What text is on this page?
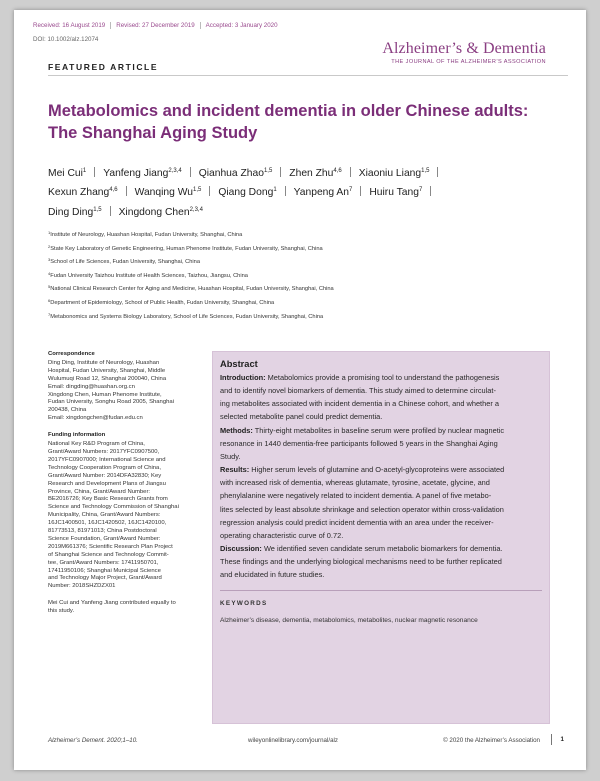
Received: 16 August 2019 Revised: 27 December 2019 Accepted: 3 January 2020
DOI: 10.1002/alz.12074
Alzheimer’s & Dementia
THE JOURNAL OF THE ALZHEIMER’S ASSOCIATION
FEATURED ARTICLE
Metabolomics and incident dementia in older Chinese adults: The Shanghai Aging Study
Mei Cui$^1$ Yanfeng Jiang$^{2,3,4}$ Qianhua Zhao$^{1,5}$ Zhen Zhu$^{4,6}$ Xiaoniu Liang$^{1,5}$
Kexun Zhang$^{4,6}$ Wanqing Wu$^{1,5}$ Qiang Dong$^1$ Yanpeng An$^7$ Huiru Tang$^7$
Ding Ding$^{1,5}$ Xingdong Chen$^{2,3,4}$
$^1$Institute of Neurology, Huashan Hospital, Fudan University, Shanghai, China
$^2$State Key Laboratory of Genetic Engineering, Human Phenome Institute, Fudan University, Shanghai, China
$^3$School of Life Sciences, Fudan University, Shanghai, China
$^4$Fudan University Taizhou Institute of Health Sciences, Taizhou, Jiangsu, China
$^5$National Clinical Research Center for Aging and Medicine, Huashan Hospital, Fudan University, Shanghai, China
$^6$Department of Epidemiology, School of Public Health, Fudan University, Shanghai, China
$^7$Metabonomics and Systems Biology Laboratory, School of Life Sciences, Fudan University, Shanghai, China
Correspondence
Ding Ding, Institute of Neurology, Huashan
Hospital, Fudan University, Shanghai, Middle
Wulumuqi Road 12, Shanghai 200040, China
Email: dingding@huashan.org.cn
Xingdong Chen, Human Phenome Institute,
Fudan University, Songhu Road 2005, Shanghai
200438, China
Email: xingdongchen@fudan.edu.cn
Funding information
National Key R&D Program of China,
Grant/Award Numbers: 2017YFC0907500,
2017YFC0907000; International Science and
Technology Cooperation Program of China,
Grant/Award Number: 2014DFA32830; Key
Research and Development Plans of Jiangsu
Province, China, Grant/Award Number:
BE2016726; Key Basic Research Grants from
Science and Technology Commission of Shanghai
Municipality, China, Grant/Award Numbers:
16JC1400501, 16JC1420502, 16JC1420100,
81773513, 81971013; China Postdoctoral
Science Foundation, Grant/Award Number:
2019M661376; Scientific Research Plan Project
of Shanghai Science and Technology Commit-
tee, Grant/Award Numbers: 17411950701,
17411950106; Shanghai Municipal Science
and Technology Major Project, Grant/Award
Number: 2018SHZDZX01
Mei Cui and Yanfeng Jiang contributed equally to
this study.
Abstract
Introduction: Metabolomics provide a promising tool to understand the pathogenesis
and to identify novel biomarkers of dementia. This study aimed to determine circulat-
ing metabolites associated with incident dementia in a Chinese cohort, and whether a
selected metabolite panel could predict dementia.
Methods: Thirty-eight metabolites in baseline serum were profiled by nuclear magnetic
resonance in 1440 dementia-free participants followed 5 years in the Shanghai Aging
Study.
Results: Higher serum levels of glutamine and O-acetyl-glycoproteins were associated
with increased risk of dementia, whereas glutamate, tyrosine, acetate, glycine, and
phenylalanine were negatively related to incident dementia. A panel of five metabo-
lites selected by least absolute shrinkage and selection operator within cross-validation
regression analysis could predict incident dementia with an area under the receiver-
operating characteristic curve of 0.72.
Discussion: We identified seven candidate serum metabolic biomarkers for dementia.
These findings and the underlying biological mechanisms need to be further replicated
and elucidated in future studies.
KEYWORDS
Alzheimer’s disease, dementia, metabolomics, metabolites, nuclear magnetic resonance
Alzheimer’s Dement. 2020;1–10.	wileyonlinelibrary.com/journal/alz	© 2020 the Alzheimer’s Association	1
